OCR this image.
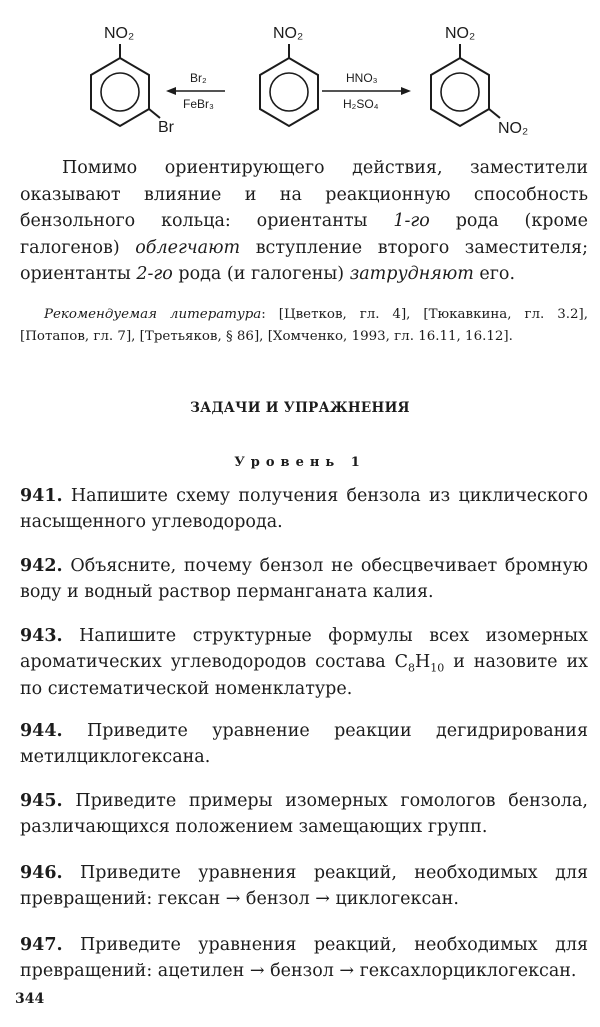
NO₂
Br
Br₂
FeBr₃
NO₂
HNO₃
H₂SO₄
NO₂
NO₂

Помимо ориентирующего действия, заместители оказывают влияние и на реакционную способность бензольного кольца: ориентанты 1-го рода (кроме галогенов) облегчают вступление второго заместителя; ориентанты 2-го рода (и галогены) затрудняют его.

Рекомендуемая литература: [Цветков, гл. 4], [Тюкавкина, гл. 3.2], [Потапов, гл. 7], [Третьяков, § 86], [Хомченко, 1993, гл. 16.11, 16.12].

ЗАДАЧИ И УПРАЖНЕНИЯ

Уровень 1

941. Напишите схему получения бензола из циклического насыщенного углеводорода.

942. Объясните, почему бензол не обесцвечивает бромную воду и водный раствор перманганата калия.

943. Напишите структурные формулы всех изомерных ароматических углеводородов состава $C_8H_{10}$ и назовите их по систематической номенклатуре.

944. Приведите уравнение реакции дегидрирования метилциклогексана.

945. Приведите примеры изомерных гомологов бензола, различающихся положением замещающих групп.

946. Приведите уравнения реакций, необходимых для превращений: гексан → бензол → циклогексан.

947. Приведите уравнения реакций, необходимых для превращений: ацетилен → бензол → гексахлорциклогексан.

344
